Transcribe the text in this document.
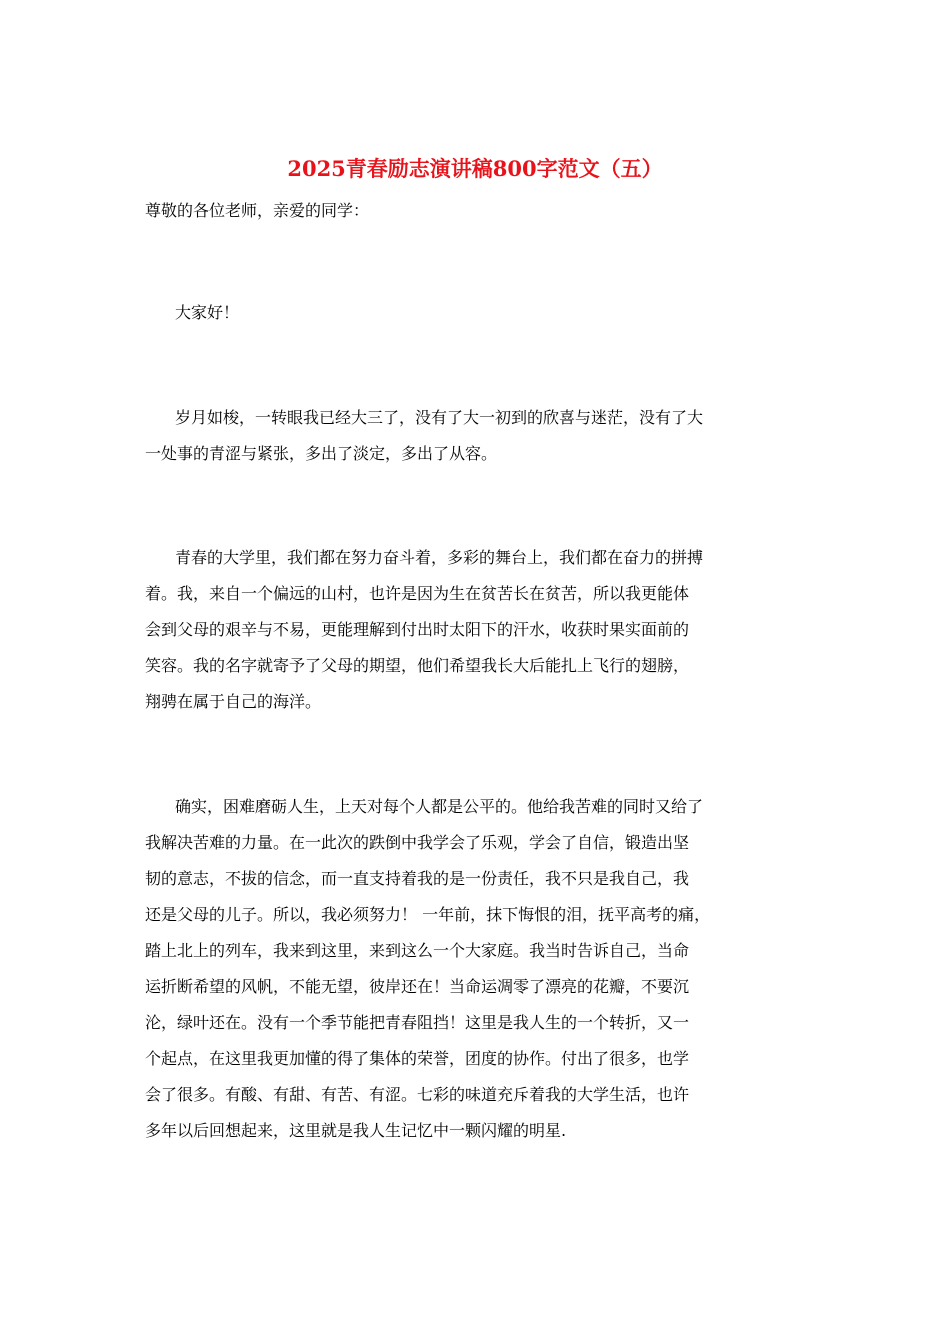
2025青春励志演讲稿800字范文（五）

尊敬的各位老师，亲爱的同学：

大家好！
岁月如梭，一转眼我已经大三了，没有了大一初到的欣喜与迷茫，没有了大
一处事的青涩与紧张，多出了淡定，多出了从容。
青春的大学里，我们都在努力奋斗着，多彩的舞台上，我们都在奋力的拼搏
着。我，来自一个偏远的山村，也许是因为生在贫苦长在贫苦，所以我更能体
会到父母的艰辛与不易，更能理解到付出时太阳下的汗水，收获时果实面前的
笑容。我的名字就寄予了父母的期望，他们希望我长大后能扎上飞行的翅膀，
翔骋在属于自己的海洋。
确实，困难磨砺人生，上天对每个人都是公平的。他给我苦难的同时又给了
我解决苦难的力量。在一此次的跌倒中我学会了乐观，学会了自信，锻造出坚
韧的意志，不拔的信念，而一直支持着我的是一份责任，我不只是我自己，我
还是父母的儿子。所以，我必须努力！ 一年前，抹下悔恨的泪，抚平高考的痛，
踏上北上的列车，我来到这里，来到这么一个大家庭。我当时告诉自己，当命
运折断希望的风帆，不能无望，彼岸还在！当命运凋零了漂亮的花瓣，不要沉
沦，绿叶还在。没有一个季节能把青春阻挡！这里是我人生的一个转折，又一
个起点，在这里我更加懂的得了集体的荣誉，团度的协作。付出了很多，也学
会了很多。有酸、有甜、有苦、有涩。七彩的味道充斥着我的大学生活，也许
多年以后回想起来，这里就是我人生记忆中一颗闪耀的明星.
